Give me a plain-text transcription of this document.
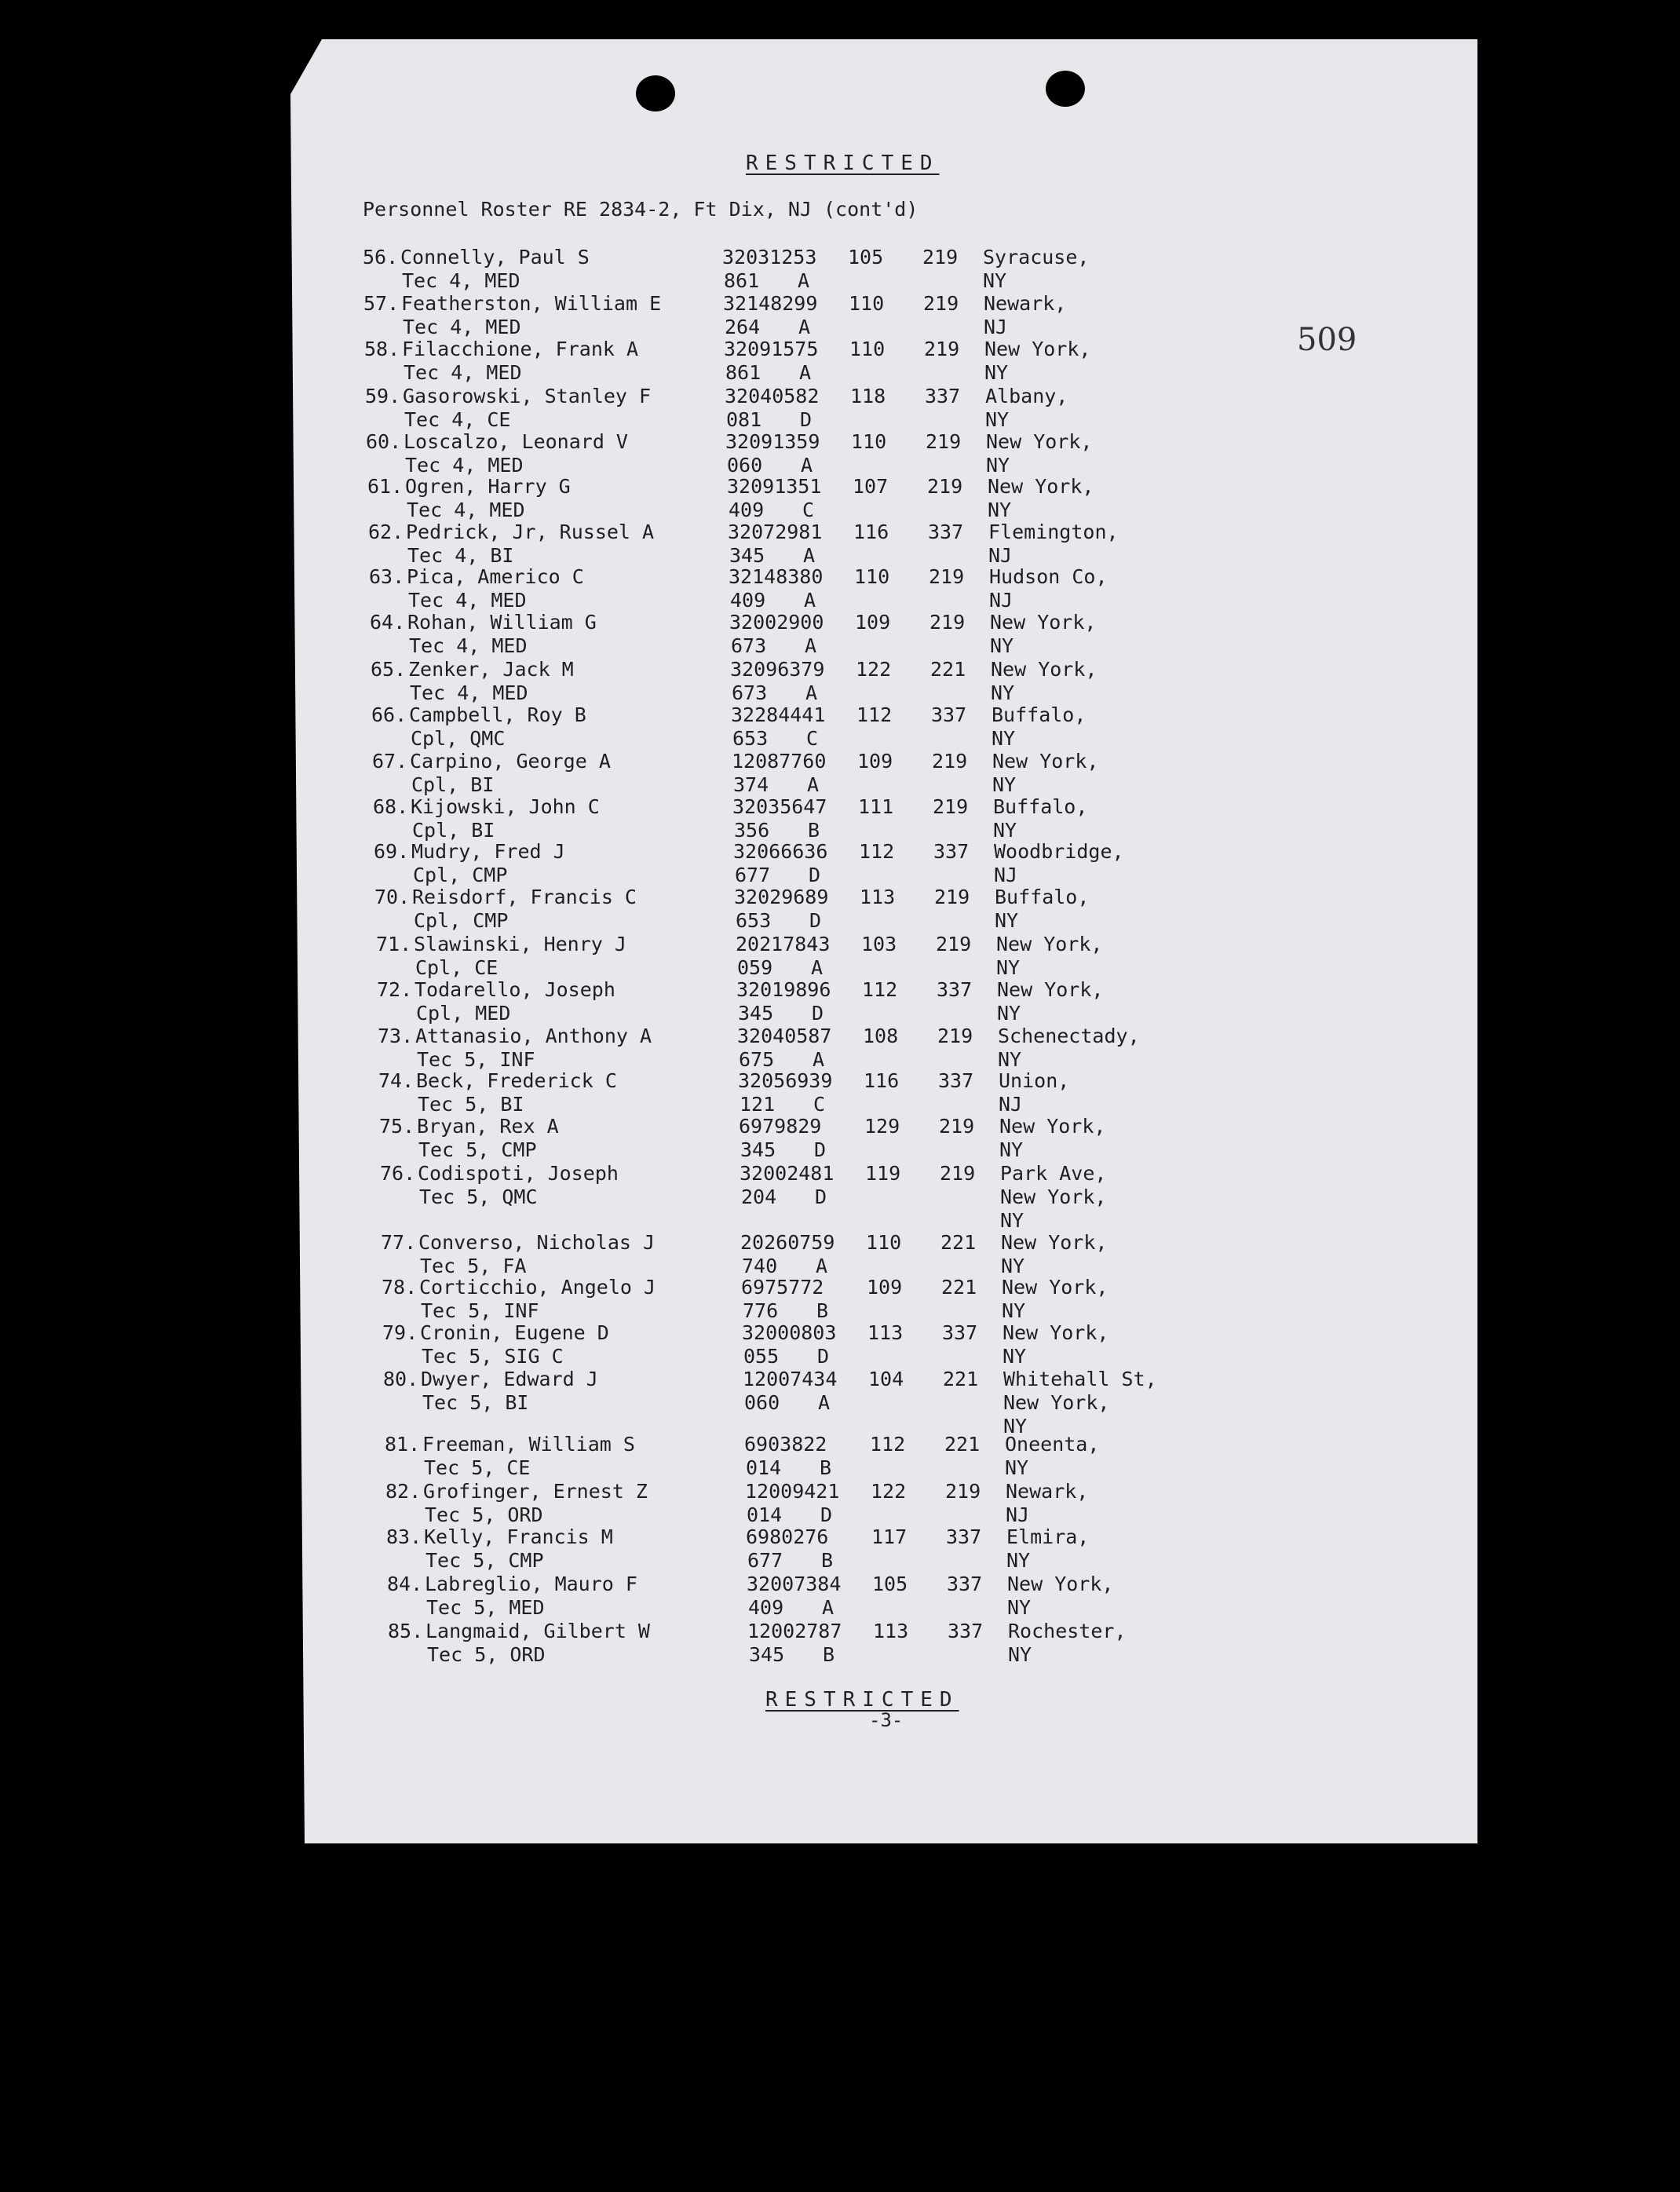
RESTRICTED
Personnel Roster RE 2834-2, Ft Dix, NJ (cont'd)
509
56. Connelly, Paul S
Tec 4, MED
32031253 105 219
861 A
Syracuse,
NY
57. Featherston, William E
Tec 4, MED
32148299 110 219
264 A
Newark,
NJ
58. Filacchione, Frank A
Tec 4, MED
32091575 110 219
861 A
New York,
NY
59. Gasorowski, Stanley F
Tec 4, CE
32040582 118 337
081 D
Albany,
NY
60. Loscalzo, Leonard V
Tec 4, MED
32091359 110 219
060 A
New York,
NY
61. Ogren, Harry G
Tec 4, MED
32091351 107 219
409 C
New York,
NY
62. Pedrick, Jr, Russel A
Tec 4, BI
32072981 116 337
345 A
Flemington,
NJ
63. Pica, Americo C
Tec 4, MED
32148380 110 219
409 A
Hudson Co,
NJ
64. Rohan, William G
Tec 4, MED
32002900 109 219
673 A
New York,
NY
65. Zenker, Jack M
Tec 4, MED
32096379 122 221
673 A
New York,
NY
66. Campbell, Roy B
Cpl, QMC
32284441 112 337
653 C
Buffalo,
NY
67. Carpino, George A
Cpl, BI
12087760 109 219
374 A
New York,
NY
68. Kijowski, John C
Cpl, BI
32035647 111 219
356 B
Buffalo,
NY
69. Mudry, Fred J
Cpl, CMP
32066636 112 337
677 D
Woodbridge,
NJ
70. Reisdorf, Francis C
Cpl, CMP
32029689 113 219
653 D
Buffalo,
NY
71. Slawinski, Henry J
Cpl, CE
20217843 103 219
059 A
New York,
NY
72. Todarello, Joseph
Cpl, MED
32019896 112 337
345 D
New York,
NY
73. Attanasio, Anthony A
Tec 5, INF
32040587 108 219
675 A
Schenectady,
NY
74. Beck, Frederick C
Tec 5, BI
32056939 116 337
121 C
Union,
NJ
75. Bryan, Rex A
Tec 5, CMP
6979829 129 219
345 D
New York,
NY
76. Codispoti, Joseph
Tec 5, QMC
32002481 119 219
204 D
Park Ave,
New York,
NY
77. Converso, Nicholas J
Tec 5, FA
20260759 110 221
740 A
New York,
NY
78. Corticchio, Angelo J
Tec 5, INF
6975772 109 221
776 B
New York,
NY
79. Cronin, Eugene D
Tec 5, SIG C
32000803 113 337
055 D
New York,
NY
80. Dwyer, Edward J
Tec 5, BI
12007434 104 221
060 A
Whitehall St,
New York,
NY
81. Freeman, William S
Tec 5, CE
6903822 112 221
014 B
Oneenta,
NY
82. Grofinger, Ernest Z
Tec 5, ORD
12009421 122 219
014 D
Newark,
NJ
83. Kelly, Francis M
Tec 5, CMP
6980276 117 337
677 B
Elmira,
NY
84. Labreglio, Mauro F
Tec 5, MED
32007384 105 337
409 A
New York,
NY
85. Langmaid, Gilbert W
Tec 5, ORD
12002787 113 337
345 B
Rochester,
NY
RESTRICTED
-3-
